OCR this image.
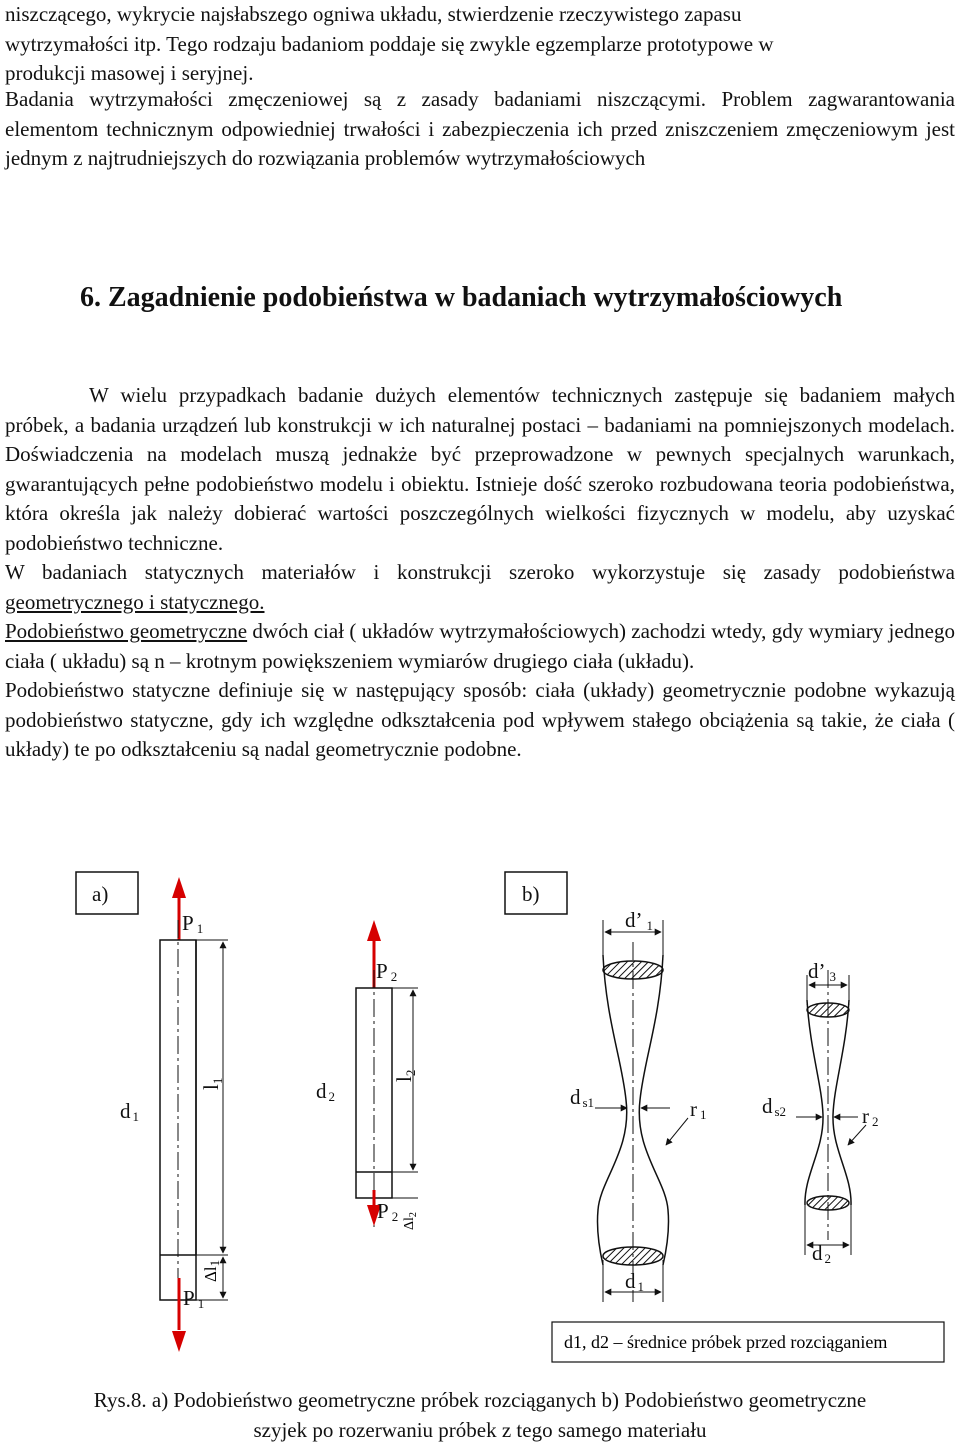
niszczącego, wykrycie najsłabszego ogniwa układu, stwierdzenie rzeczywistego zapasu
wytrzymałości itp. Tego rodzaju badaniom poddaje się zwykle egzemplarze prototypowe w
produkcji masowej i seryjnej.

Badania wytrzymałości zmęczeniowej są z zasady badaniami niszczącymi. Problem zagwarantowania elementom technicznym odpowiedniej trwałości i zabezpieczenia ich przed zniszczeniem zmęczeniowym jest jednym z najtrudniejszych do rozwiązania problemów wytrzymałościowych

6. Zagadnienie podobieństwa w badaniach wytrzymałościowych
W wielu przypadkach badanie dużych elementów technicznych zastępuje się badaniem małych próbek, a badania urządzeń lub konstrukcji w ich naturalnej postaci – badaniami na pomniejszonych modelach. Doświadczenia na modelach muszą jednakże być przeprowadzone w pewnych specjalnych warunkach, gwarantujących pełne podobieństwo modelu i obiektu. Istnieje dość szeroko rozbudowana teoria podobieństwa, która określa jak należy dobierać wartości poszczególnych wielkości fizycznych w modelu, aby uzyskać podobieństwo techniczne.
W badaniach statycznych materiałów i konstrukcji szeroko wykorzystuje się zasady podobieństwa geometrycznego i statycznego.
Podobieństwo geometryczne dwóch ciał ( układów wytrzymałościowych) zachodzi wtedy, gdy wymiary jednego ciała ( układu) są n – krotnym powiększeniem wymiarów drugiego ciała (układu).
Podobieństwo statyczne definiuje się w następujący sposób: ciała (układy) geometrycznie podobne wykazują podobieństwo statyczne, gdy ich względne odkształcenia pod wpływem stałego obciążenia są takie, że ciała ( układy) te po odkształceniu są nadal geometrycznie podobne.
a)
l1
Δl1
P 1
P 1
d 1
l2
$\Delta l_2$
P 2
P 2
d 2
b)
d’ 1
ds1	r 1
d 1
d’ 3
ds2	r 2
d 2
d1, d2 – średnice próbek przed rozciąganiem
Rys.8. a) Podobieństwo geometryczne próbek rozciąganych b) Podobieństwo geometryczne
szyjek po rozerwaniu próbek z tego samego materiału
